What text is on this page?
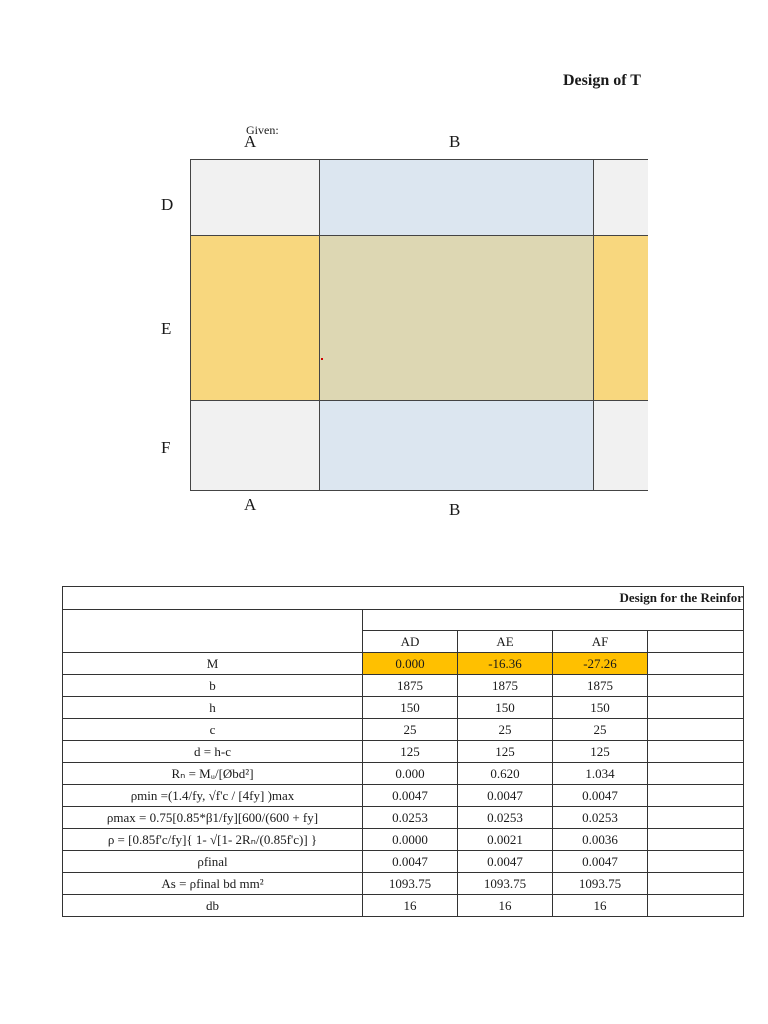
Design of T
Given:
A	B
D
E
F
A	B
Design for the Reinfor				

	AD	AE	AF	
M	0.000	-16.36	-27.26	
b	1875	1875	1875	
h	150	150	150	
c	25	25	25	
d = h-c	125	125	125	
Rₙ = Mᵤ/[Øbd²]	0.000	0.620	1.034	
ρmin =(1.4/fy, √f'c / [4fy] )max	0.0047	0.0047	0.0047	
ρmax = 0.75[0.85*β1/fy][600/(600 + fy]	0.0253	0.0253	0.0253	
ρ = [0.85f'c/fy]{ 1- √[1- 2Rₙ/(0.85f'c)] }	0.0000	0.0021	0.0036	
ρfinal	0.0047	0.0047	0.0047	
As = ρfinal bd mm²	1093.75	1093.75	1093.75	
db	16	16	16	
